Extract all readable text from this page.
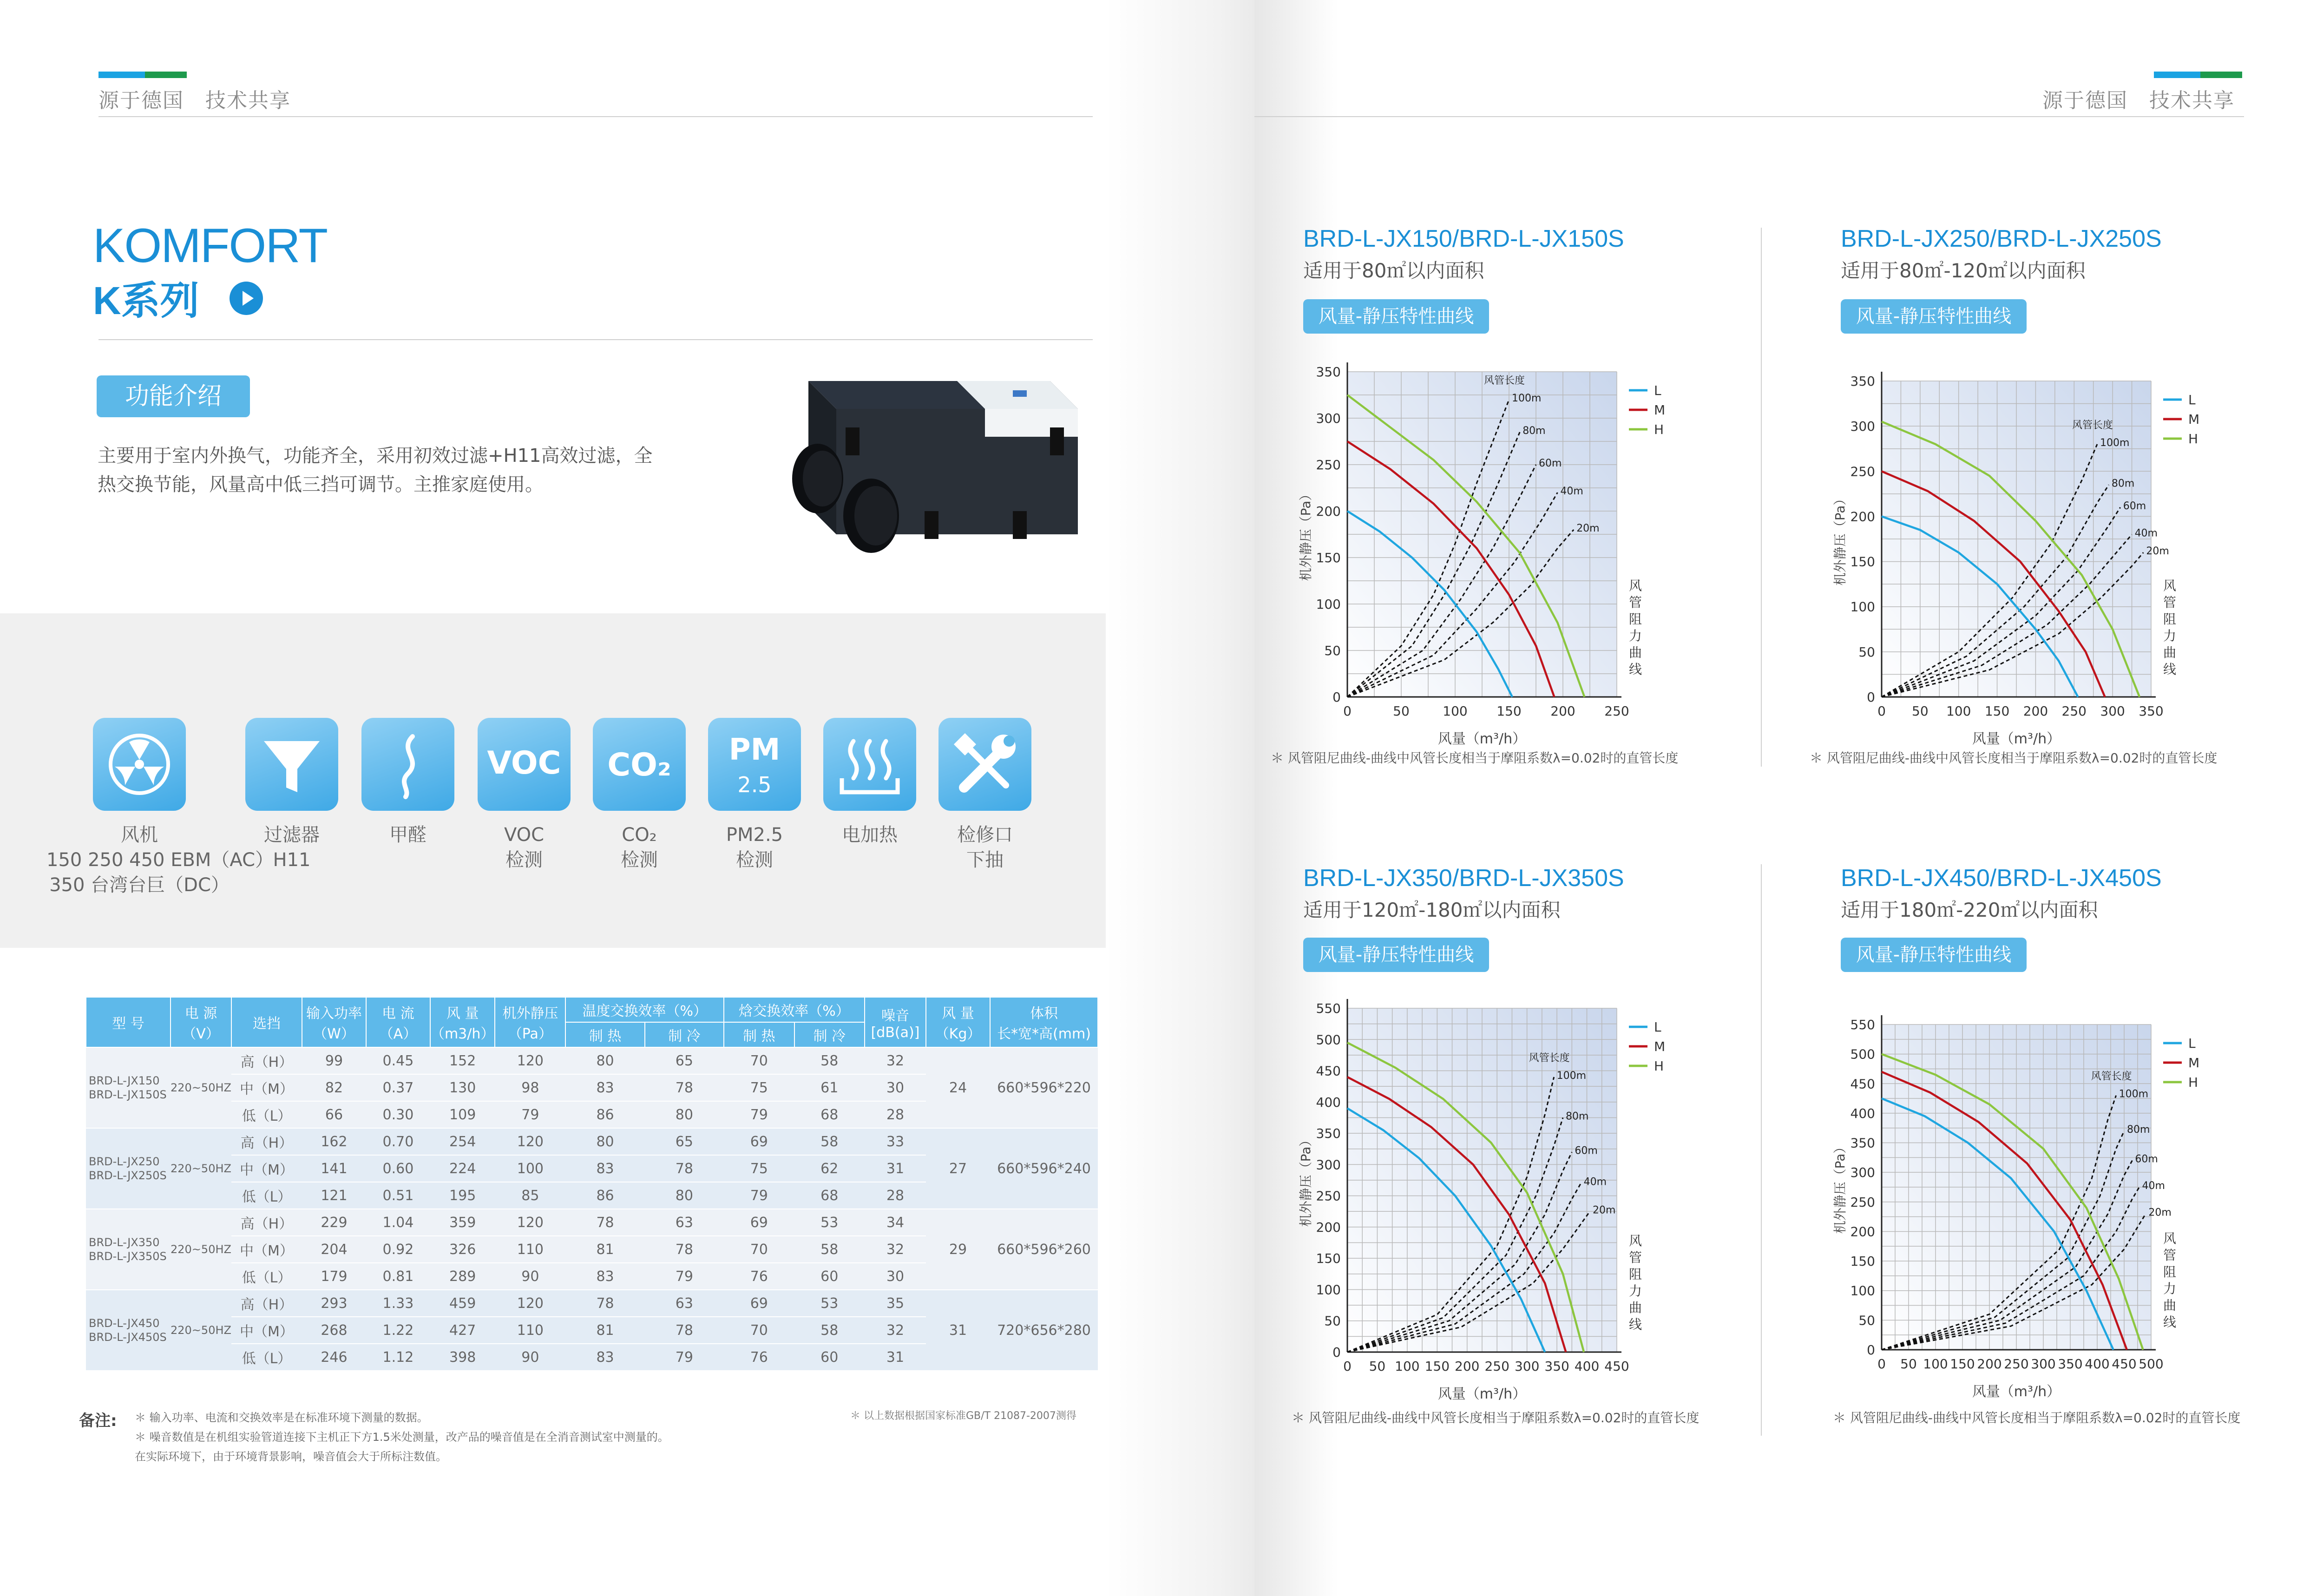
源于德国　技术共享
KOMFORT
K系列
功能介绍
主要用于室内外换气，功能齐全，采用初效过滤+H11高效过滤，全热交换节能，风量高中低三挡可调节。主推家庭使用。
VOC CO₂ PM
2.5
风机
150 250 450 EBM（AC）
350 台湾台巨（DC）
过滤器
H11
甲醛	VOC
检测
CO₂
检测
PM2.5
检测
电加热	检修口
下抽
型 号	电 源
（V）	选挡	输入功率
（W）	电 流
（A）	风 量
（m3/h）	机外静压
（Pa）	温度交换效率（%）		焓交换效率（%）		噪音
[dB(a)]	风 量
（Kg）	体积
长*宽*高(mm)
							制 热	制 冷	制 热	制 冷			

BRD-L-JX150
BRD-L-JX150S	220~50HZ	高（H）	99	0.45	152	120	80	65	70	58	32	24	660*596*220
		中（M）	82	0.37	130	98	83	78	75	61	30		
		低（L）	66	0.30	109	79	86	80	79	68	28		

BRD-L-JX250
BRD-L-JX250S	220~50HZ	高（H）	162	0.70	254	120	80	65	69	58	33	27	660*596*240
		中（M）	141	0.60	224	100	83	78	75	62	31		
		低（L）	121	0.51	195	85	86	80	79	68	28		

BRD-L-JX350
BRD-L-JX350S	220~50HZ	高（H）	229	1.04	359	120	78	63	69	53	34	29	660*596*260
		中（M）	204	0.92	326	110	81	78	70	58	32		
		低（L）	179	0.81	289	90	83	79	76	60	30		

BRD-L-JX450
BRD-L-JX450S	220~50HZ	高（H）	293	1.33	459	120	78	63	69	53	35	31	720*656*280
		中（M）	268	1.22	427	110	81	78	70	58	32		
		低（L）	246	1.12	398	90	83	79	76	60	31		
备注: ＊ 输入功率、电流和交换效率是在标准环境下测量的数据。
＊ 噪音数值是在机组实验管道连接下主机正下方1.5米处测量，改产品的噪音值是在全消音测试室中测量的。
在实际环境下，由于环境背景影响，噪音值会大于所标注数值。
＊ 以上数据根据国家标准GB/T 21087-2007测得
源于德国　技术共享
BRD-L-JX150/BRD-L-JX150S
适用于80㎡以内面积
风量-静压特性曲线
0	50	100 150 200 250
0
50
100
150
200
250
300
350
机外静压（Pa）
风量（m³/h）
100m
80m
60m
40m
20m
风管长度
L
M
H
风
管
阻
力
曲
线
＊ 风管阻尼曲线-曲线中风管长度相当于摩阻系数λ=0.02时的直管长度
BRD-L-JX250/BRD-L-JX250S
适用于80㎡-120㎡以内面积
风量-静压特性曲线
0 50 100 150 200 250 300 350
0
50
100
150
200
250
300
350
机外静压（Pa）
风量（m³/h）
100m
80m
60m
40m
20m
风管长度
L
M
H
风
管
阻
力
曲
线
＊ 风管阻尼曲线-曲线中风管长度相当于摩阻系数λ=0.02时的直管长度
BRD-L-JX350/BRD-L-JX350S
适用于120㎡-180㎡以内面积
风量-静压特性曲线
0 50 100 150 200 250 300 350 400 450
0
50
100
150
200
250
300
350
400
450
500
550
机外静压（Pa）
风量（m³/h）
100m
80m
60m
40m
20m
风管长度
L
M
H
风
管
阻
力
曲
线
＊ 风管阻尼曲线-曲线中风管长度相当于摩阻系数λ=0.02时的直管长度
BRD-L-JX450/BRD-L-JX450S
适用于180㎡-220㎡以内面积
风量-静压特性曲线
0 50 100 150 200 250 300 350 400 450 500
0
50
100
150
200
250
300
350
400
450
500
550
机外静压（Pa）
风量（m³/h）
100m
80m
60m
40m
20m
风管长度
L
M
H
风
管
阻
力
曲
线
＊ 风管阻尼曲线-曲线中风管长度相当于摩阻系数λ=0.02时的直管长度
